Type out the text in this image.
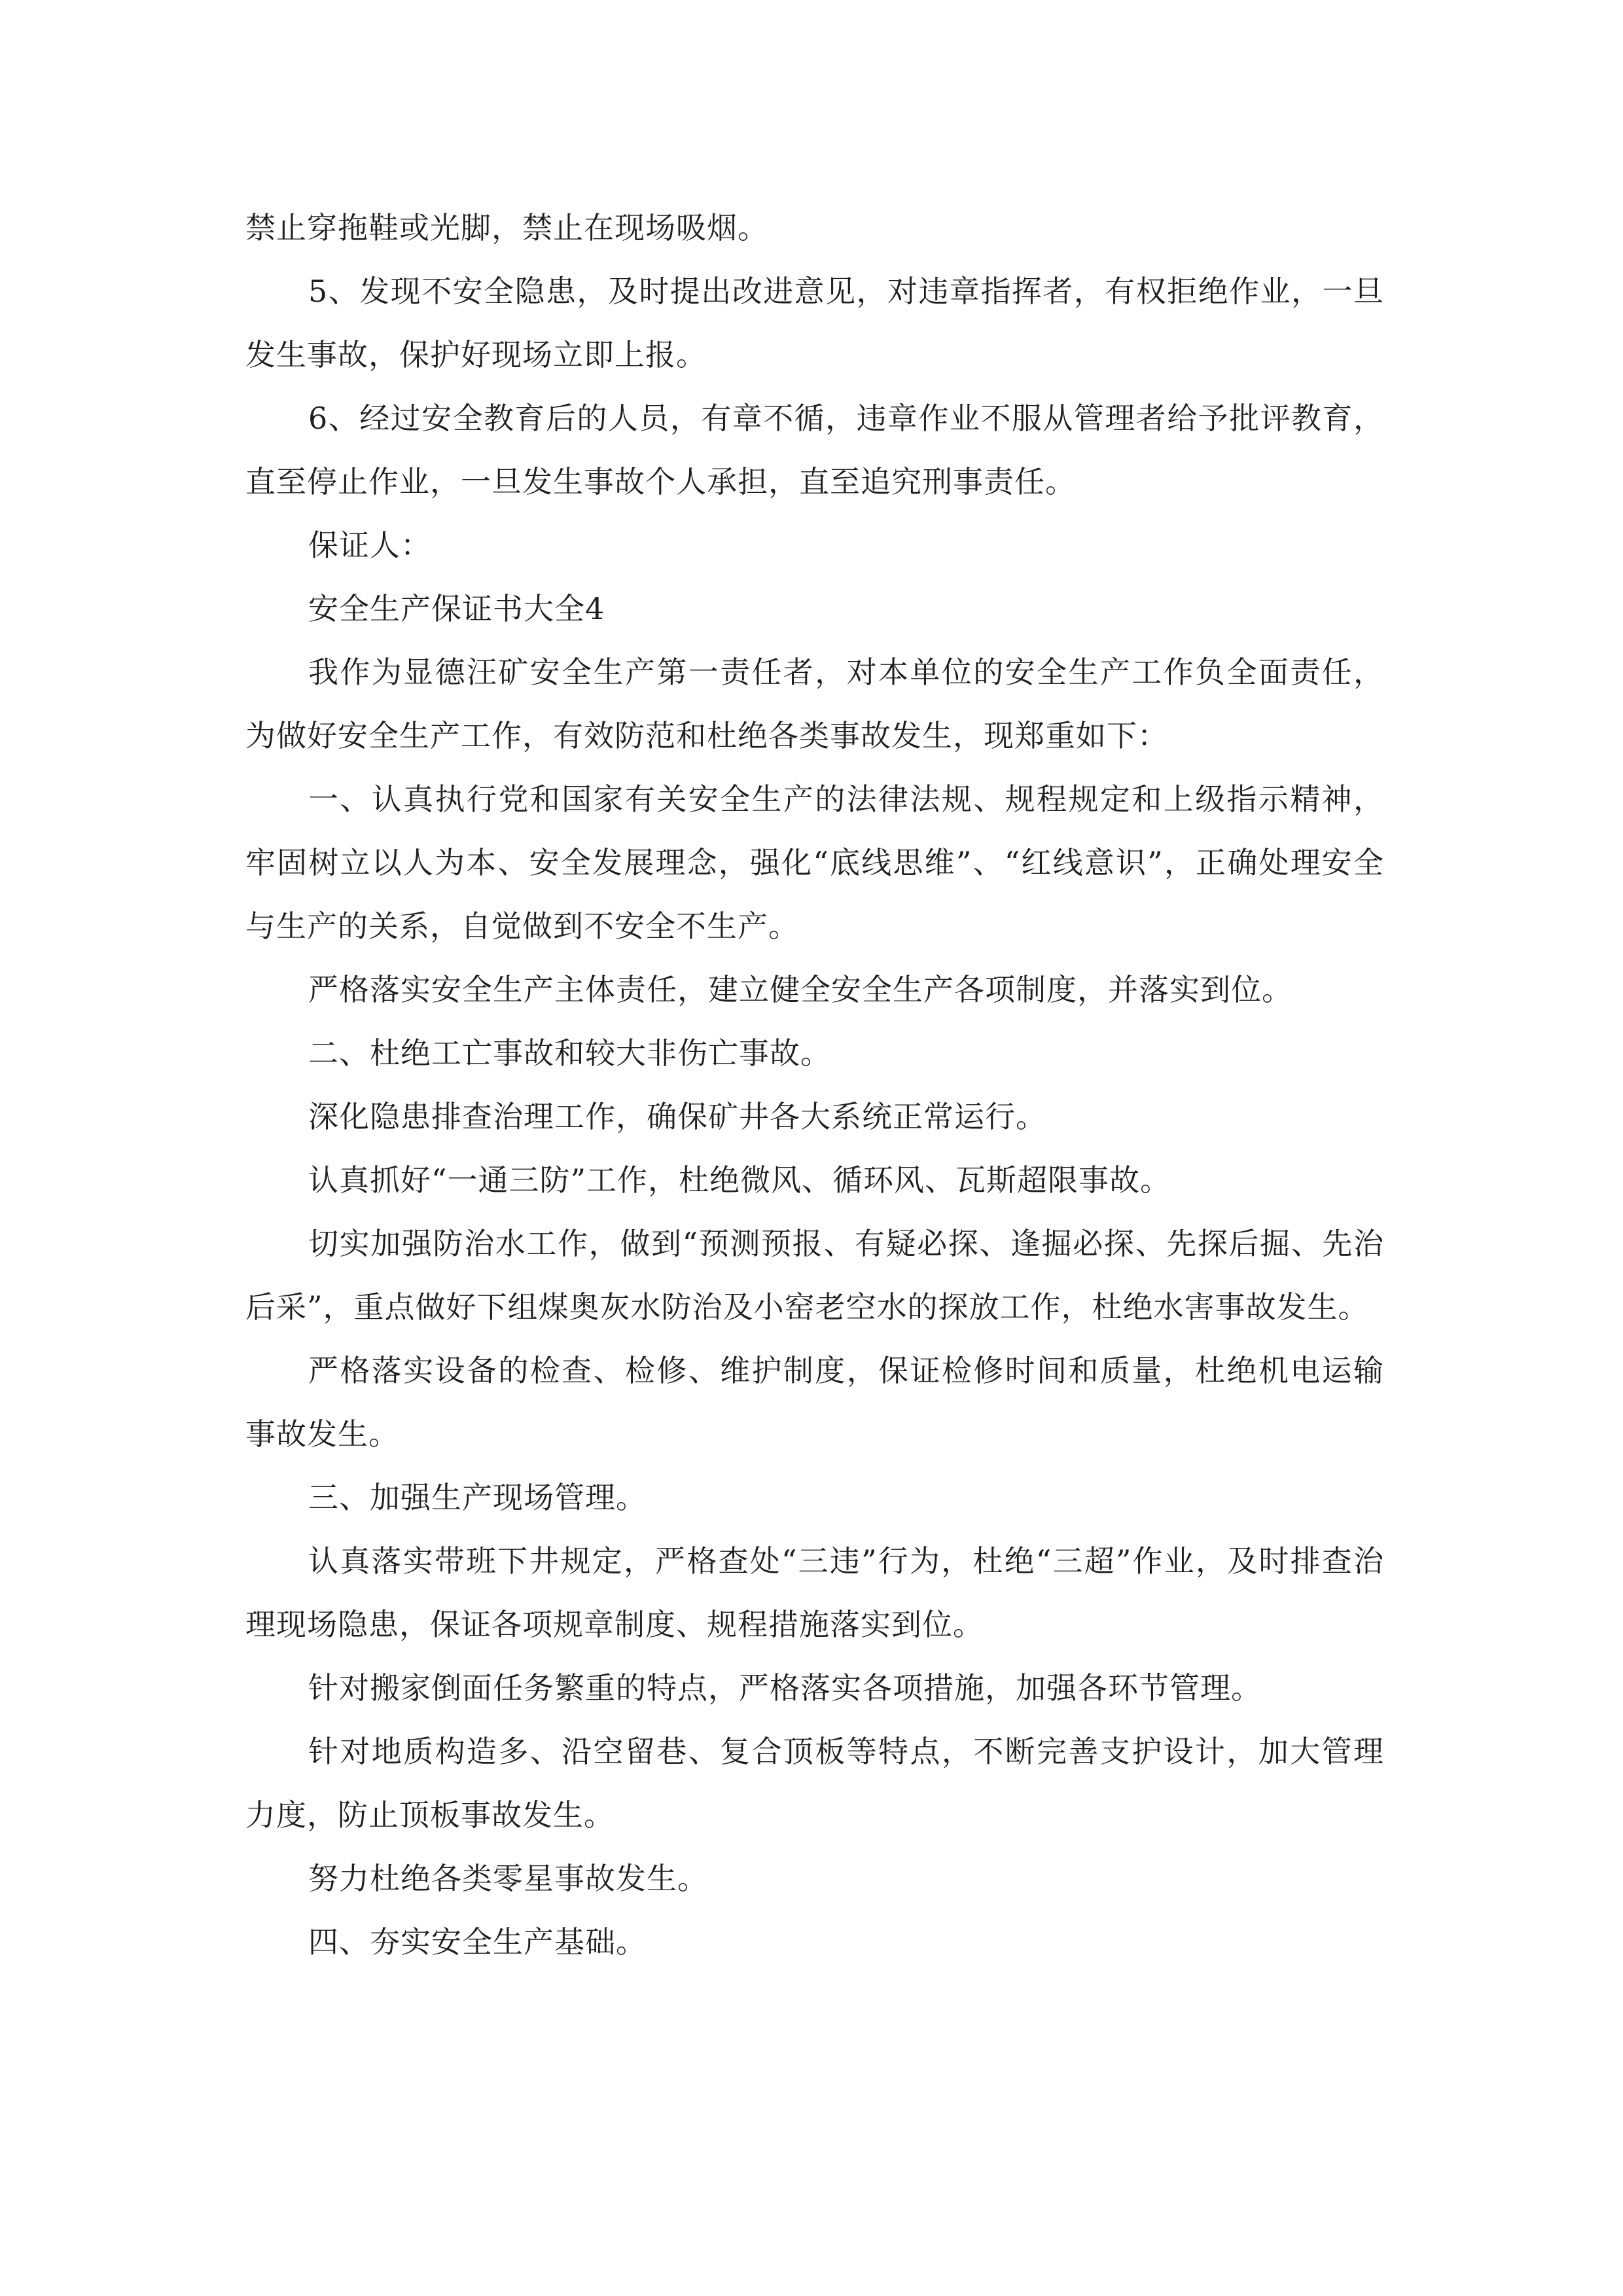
禁止穿拖鞋或光脚，禁止在现场吸烟。

5、发现不安全隐患，及时提出改进意见，对违章指挥者，有权拒绝作业，一旦发生事故，保护好现场立即上报。

6、经过安全教育后的人员，有章不循，违章作业不服从管理者给予批评教育，直至停止作业，一旦发生事故个人承担，直至追究刑事责任。

保证人：

安全生产保证书大全4

我作为显德汪矿安全生产第一责任者，对本单位的安全生产工作负全面责任，为做好安全生产工作，有效防范和杜绝各类事故发生，现郑重如下：

一、认真执行党和国家有关安全生产的法律法规、规程规定和上级指示精神，牢固树立以人为本、安全发展理念，强化“底线思维”、“红线意识”，正确处理安全与生产的关系，自觉做到不安全不生产。

严格落实安全生产主体责任，建立健全安全生产各项制度，并落实到位。

二、杜绝工亡事故和较大非伤亡事故。

深化隐患排查治理工作，确保矿井各大系统正常运行。

认真抓好“一通三防”工作，杜绝微风、循环风、瓦斯超限事故。

切实加强防治水工作，做到“预测预报、有疑必探、逢掘必探、先探后掘、先治后采”，重点做好下组煤奥灰水防治及小窑老空水的探放工作，杜绝水害事故发生。

严格落实设备的检查、检修、维护制度，保证检修时间和质量，杜绝机电运输事故发生。

三、加强生产现场管理。

认真落实带班下井规定，严格查处“三违”行为，杜绝“三超”作业，及时排查治理现场隐患，保证各项规章制度、规程措施落实到位。

针对搬家倒面任务繁重的特点，严格落实各项措施，加强各环节管理。

针对地质构造多、沿空留巷、复合顶板等特点，不断完善支护设计，加大管理力度，防止顶板事故发生。

努力杜绝各类零星事故发生。

四、夯实安全生产基础。
